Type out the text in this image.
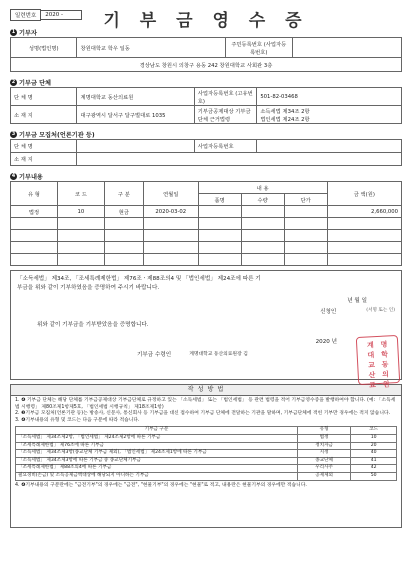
일련번호	2020 -	기 부 금 영 수 증
1 기부자
성명(법인명)	창원대학교 학우 일동	주민등록번호 (사업자등록번호)	
경상남도 창원시 의창구 용동 242 창원대학교 사회관 3층
2 기부금 단체
단 체 명	계명대학교 동산의료원	사업자등록번호 (고유번호)	501-82-03468
소 재 지	대구광역시 달서구 달구벌대로 1035	기부금공제대상 기부금단체 근거법령	소득세법 제34조 2항
법인세법 제24조 2항
3 기부금 모집처(언론기관 등)
단 체 명		사업자등록번호	
소 재 지			
4 기부내용
유 형	코 드	구 분	연월일	내 용			금 액(원)
				품명	수량	단가	
법정	10	현금	2020-03-02				2,660,000

「소득세법」 제34조, 「조세특례제한법」 제76조ㆍ제88조의4 및 「법인세법」 제24조에 따른 기

부금을 위와 같이 기부하였음을 증명하여 주시기 바랍니다.

년 월 일
신청인	(서명 또는 인)

위와 같이 기부금을 기부받았음을 증명합니다.

2020 년
기부금 수령인	계명대학교 동산의료원장 김
계 명
대 학
교 동
산 의
료 원
작 성 방 법

1. ❹ 기부금 단체는 해당 단체를 기부금공제대상 기부금단체로 규정하고 있는 「소득세법」 또는 「법인세법」 등 관련 법령을 적어 기부금영수증을 발행하여야 합니다. (예: 「소득세법 시행령」 제80조제1항제5호, 「법인세법 시행규칙」 제18조제1항)

2. ❸기부금 모집처(언론기관 등)는 방송사, 신문사, 통신회사 등 기부금을 대신 접수하여 기부금 단체에 전달하는 기관을 말하며, 기부금단체에 적힌 기부만 경우에는 적지 않습니다.

3. ❹기부내용의 유형 및 코드는 다음 구분에 따라 적습니다.

기부금 구분	유형	코드
「소득세법」 제34조제2항, 「법인세법」 제24조제2항에 따른 기부금	법정	10
「조세특례제한법」 제76조에 따른 기부금	정치자금	20
「소득세법」 제34조제3항(종교단체 기부금 제외), 「법인세법」 제24조제1항에 따른 기부금	지정	40
「소득세법」 제34조제3항에 따른 기부금 중 종교단체기부금	종교단체	41
「조세특례제한법」 제88조의4에 따른 기부금	우리사주	42
필요경비(손금) 및 소득공제금액대상에 해당되지 아니하는 기부금	공제제외	50

4. ❹기부내용의 구분란에는 "금전기부"의 경우에는 "금전", "현물기부"의 경우에는 "현물"로 적고, 내용란은 현물기부의 경우에만 적습니다.
